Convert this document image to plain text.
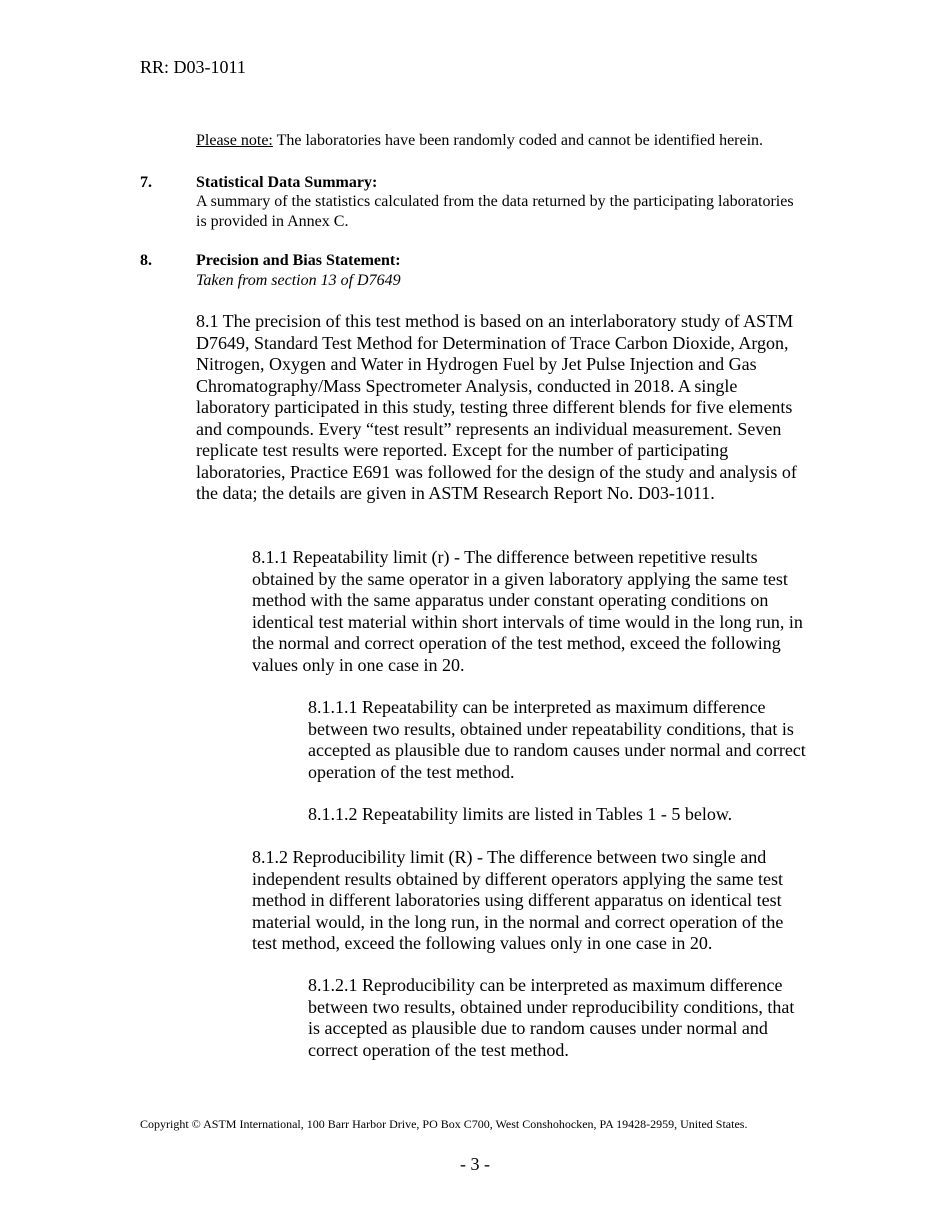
RR: D03-1011
Please note: The laboratories have been randomly coded and cannot be identified herein.
7.	Statistical Data Summary:
A summary of the statistics calculated from the data returned by the participating laboratories is provided in Annex C.
8.	Precision and Bias Statement:
Taken from section 13 of D7649
8.1 The precision of this test method is based on an interlaboratory study of ASTM D7649, Standard Test Method for Determination of Trace Carbon Dioxide, Argon, Nitrogen, Oxygen and Water in Hydrogen Fuel by Jet Pulse Injection and Gas Chromatography/Mass Spectrometer Analysis, conducted in 2018. A single laboratory participated in this study, testing three different blends for five elements and compounds. Every “test result” represents an individual measurement. Seven replicate test results were reported. Except for the number of participating laboratories, Practice E691 was followed for the design of the study and analysis of the data; the details are given in ASTM Research Report No. D03-1011.
8.1.1 Repeatability limit (r) - The difference between repetitive results obtained by the same operator in a given laboratory applying the same test method with the same apparatus under constant operating conditions on identical test material within short intervals of time would in the long run, in the normal and correct operation of the test method, exceed the following values only in one case in 20.
8.1.1.1 Repeatability can be interpreted as maximum difference between two results, obtained under repeatability conditions, that is accepted as plausible due to random causes under normal and correct operation of the test method.
8.1.1.2 Repeatability limits are listed in Tables 1 - 5 below.
8.1.2 Reproducibility limit (R) - The difference between two single and independent results obtained by different operators applying the same test method in different laboratories using different apparatus on identical test material would, in the long run, in the normal and correct operation of the test method, exceed the following values only in one case in 20.
8.1.2.1 Reproducibility can be interpreted as maximum difference between two results, obtained under reproducibility conditions, that is accepted as plausible due to random causes under normal and correct operation of the test method.
Copyright © ASTM International, 100 Barr Harbor Drive, PO Box C700, West Conshohocken, PA 19428-2959, United States.
- 3 -
